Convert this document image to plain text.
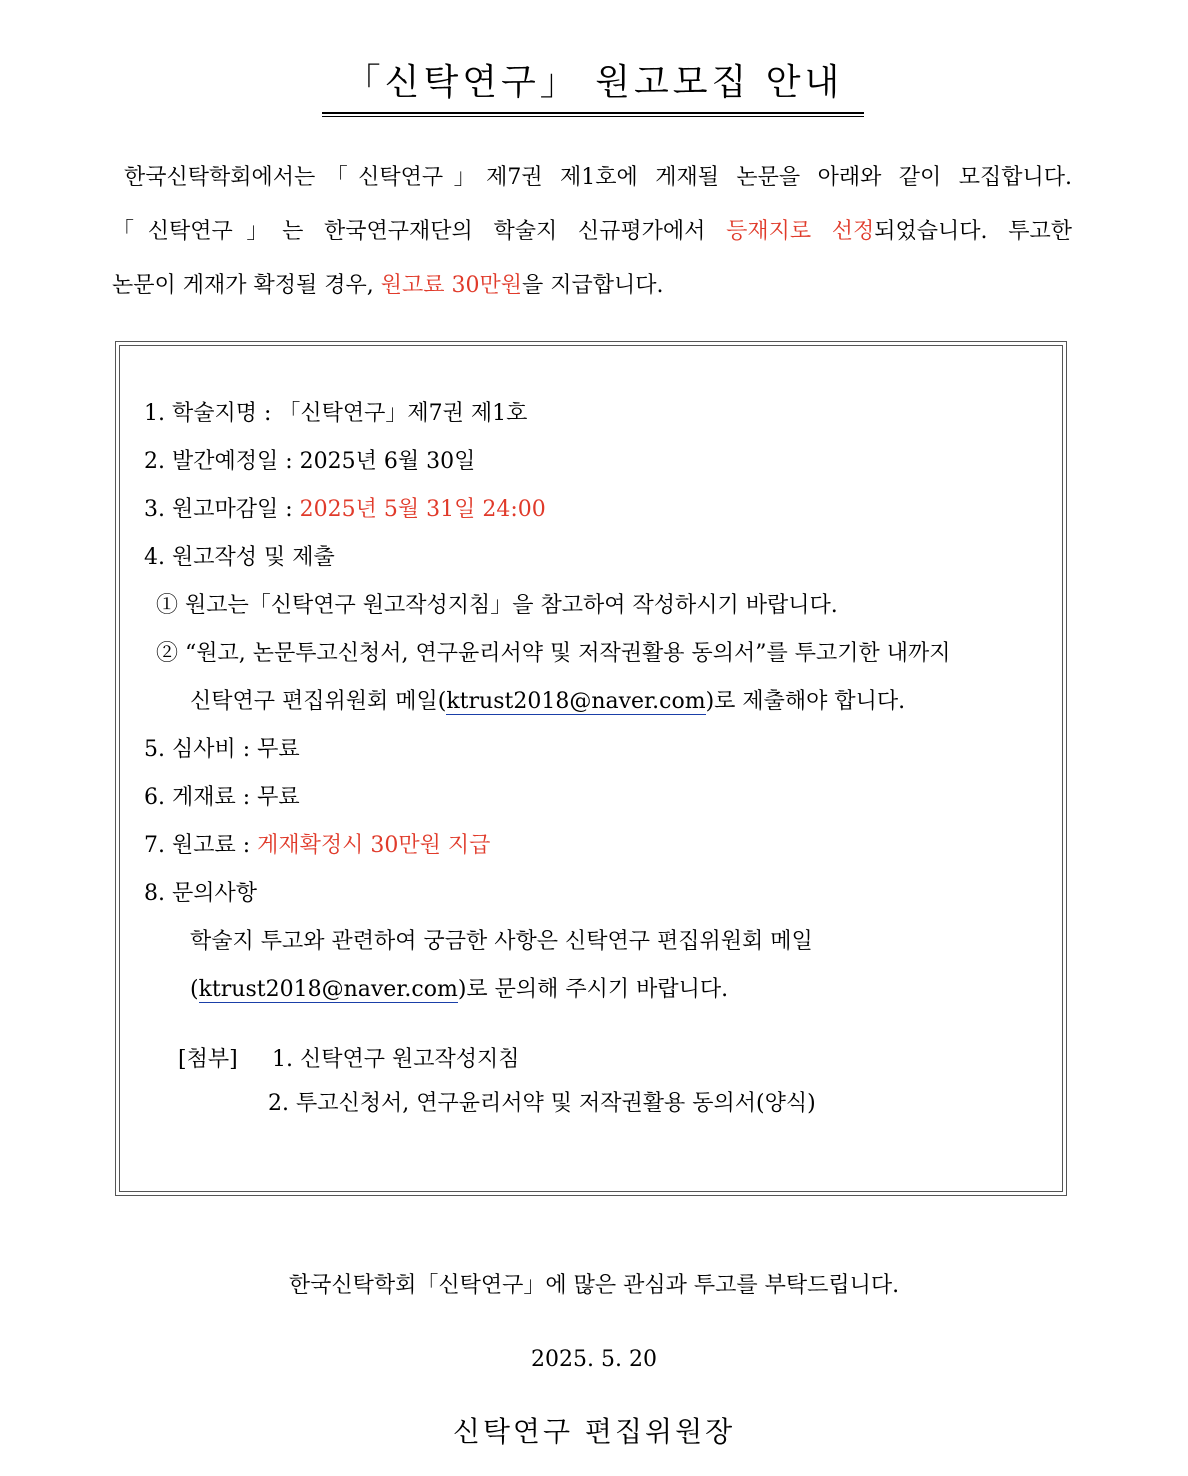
「신탁연구」 원고모집 안내
한국신탁학회에서는「신탁연구」제7권 제1호에 게재될 논문을 아래와 같이 모집합니다.
「신탁연구」는 한국연구재단의 학술지 신규평가에서 등재지로 선정되었습니다. 투고한
논문이 게재가 확정될 경우, 원고료 30만원을 지급합니다.
1. 학술지명 : 「신탁연구」제7권 제1호
2. 발간예정일 : 2025년 6월 30일
3. 원고마감일 : 2025년 5월 31일 24:00
4. 원고작성 및 제출
① 원고는「신탁연구 원고작성지침」을 참고하여 작성하시기 바랍니다.
② “원고, 논문투고신청서, 연구윤리서약 및 저작권활용 동의서”를 투고기한 내까지
신탁연구 편집위원회 메일(ktrust2018@naver.com)로 제출해야 합니다.
5. 심사비 : 무료
6. 게재료 : 무료
7. 원고료 : 게재확정시 30만원 지급
8. 문의사항
학술지 투고와 관련하여 궁금한 사항은 신탁연구 편집위원회 메일
(ktrust2018@naver.com)로 문의해 주시기 바랍니다.
[첨부] 1. 신탁연구 원고작성지침
2. 투고신청서, 연구윤리서약 및 저작권활용 동의서(양식)
한국신탁학회「신탁연구」에 많은 관심과 투고를 부탁드립니다.
2025. 5. 20
신탁연구 편집위원장
